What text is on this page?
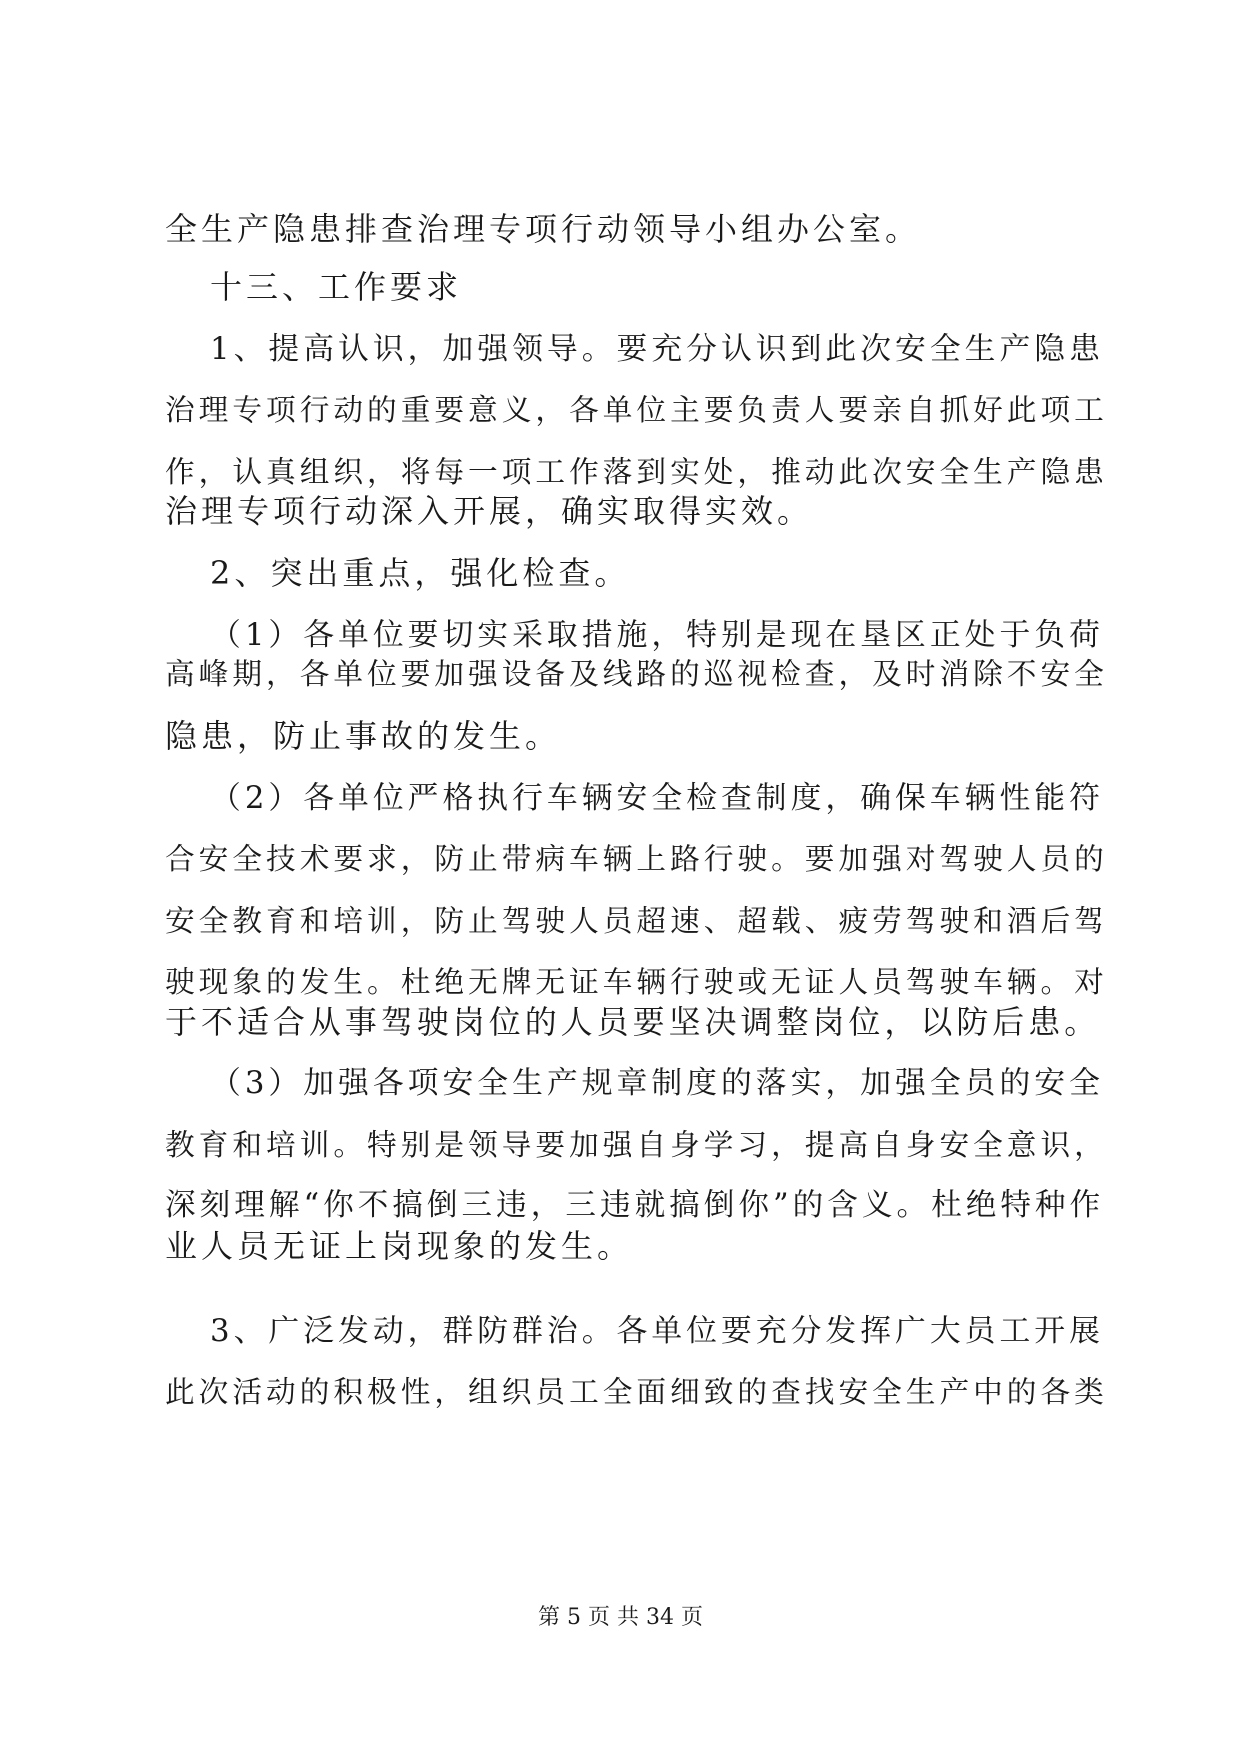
全生产隐患排查治理专项行动领导小组办公室。
十三、工作要求
1、提高认识，加强领导。要充分认识到此次安全生产隐患
治理专项行动的重要意义，各单位主要负责人要亲自抓好此项工
作，认真组织，将每一项工作落到实处，推动此次安全生产隐患
治理专项行动深入开展，确实取得实效。
2、突出重点，强化检查。
（1）各单位要切实采取措施，特别是现在垦区正处于负荷
高峰期，各单位要加强设备及线路的巡视检查，及时消除不安全
隐患，防止事故的发生。
（2）各单位严格执行车辆安全检查制度，确保车辆性能符
合安全技术要求，防止带病车辆上路行驶。要加强对驾驶人员的
安全教育和培训，防止驾驶人员超速、超载、疲劳驾驶和酒后驾
驶现象的发生。杜绝无牌无证车辆行驶或无证人员驾驶车辆。对
于不适合从事驾驶岗位的人员要坚决调整岗位，以防后患。
（3）加强各项安全生产规章制度的落实，加强全员的安全
教育和培训。特别是领导要加强自身学习，提高自身安全意识，
深刻理解“你不搞倒三违，三违就搞倒你”的含义。杜绝特种作
业人员无证上岗现象的发生。
3、广泛发动，群防群治。各单位要充分发挥广大员工开展
此次活动的积极性，组织员工全面细致的查找安全生产中的各类
第 5 页 共 34 页
